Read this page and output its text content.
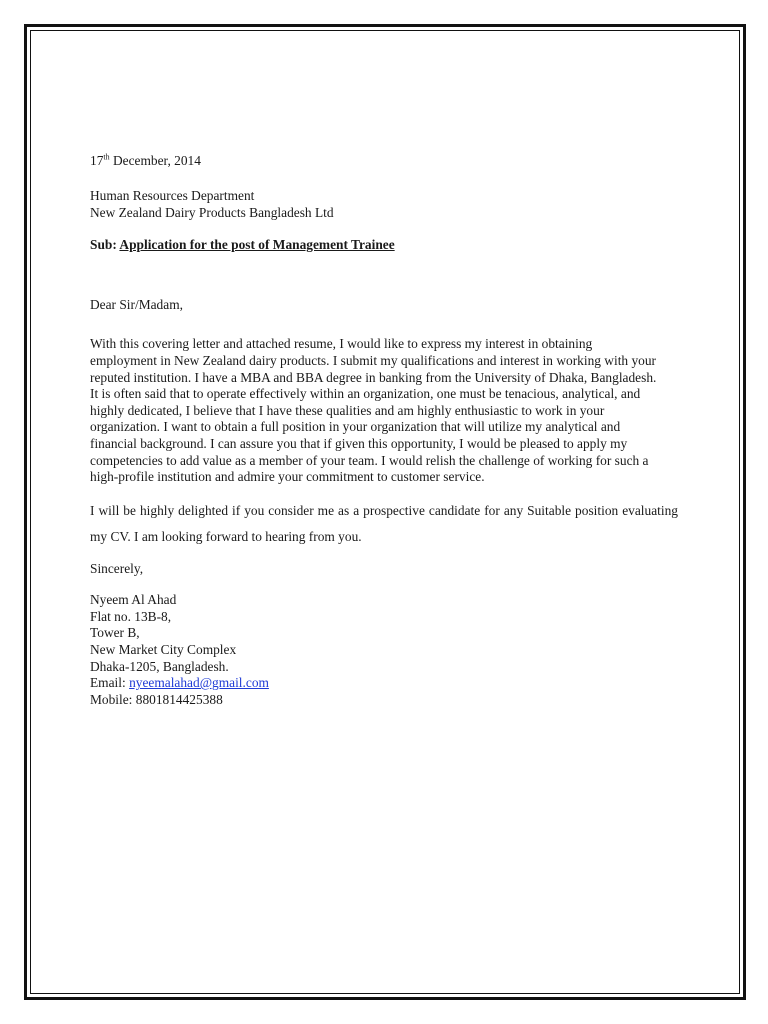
17th December, 2014

Human Resources Department
New Zealand Dairy Products Bangladesh Ltd

Sub: Application for the post of Management Trainee

Dear Sir/Madam,

With this covering letter and attached resume, I would like to express my interest in obtaining
employment in New Zealand dairy products. I submit my qualifications and interest in working with your
reputed institution. I have a MBA and BBA degree in banking from the University of Dhaka, Bangladesh.
It is often said that to operate effectively within an organization, one must be tenacious, analytical, and
highly dedicated, I believe that I have these qualities and am highly enthusiastic to work in your
organization. I want to obtain a full position in your organization that will utilize my analytical and
financial background. I can assure you that if given this opportunity, I would be pleased to apply my
competencies to add value as a member of your team. I would relish the challenge of working for such a
high-profile institution and admire your commitment to customer service.

I will be highly delighted if you consider me as a prospective candidate for any Suitable position evaluating my CV. I am looking forward to hearing from you.

Sincerely,

Nyeem Al Ahad
Flat no. 13B-8,
Tower B,
New Market City Complex
Dhaka-1205, Bangladesh.
Email: nyeemalahad@gmail.com
Mobile: 8801814425388
